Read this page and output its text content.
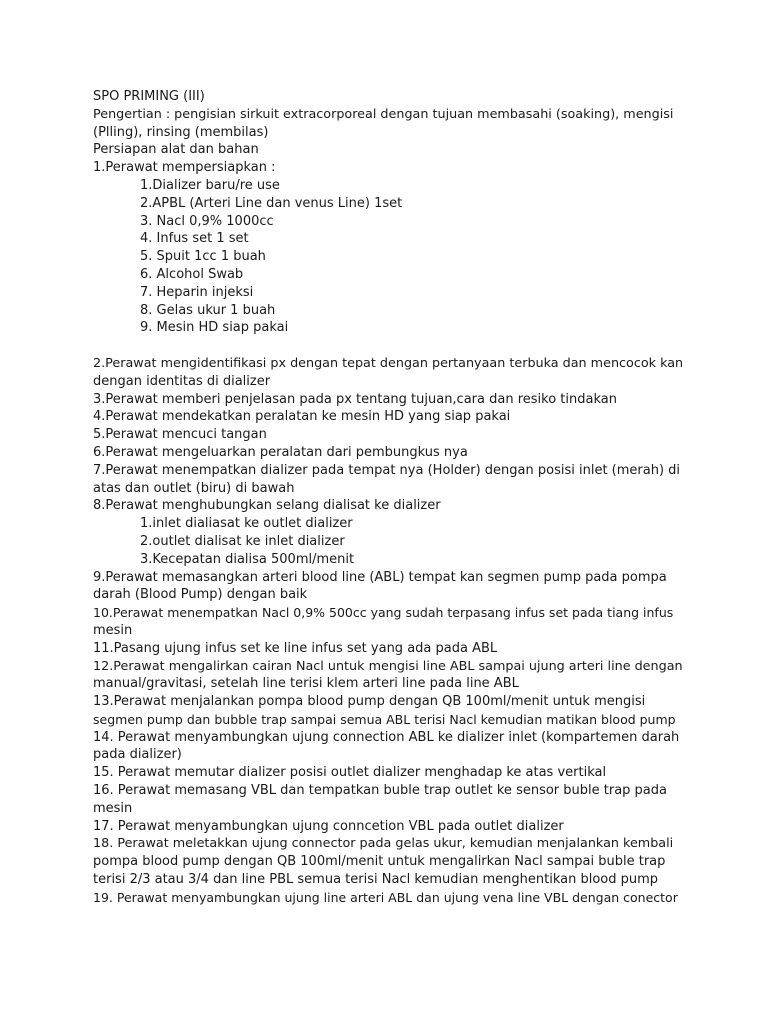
SPO PRIMING (III)
Pengertian : pengisian sirkuit extracorporeal dengan tujuan membasahi (soaking), mengisi
(Plling), rinsing (membilas)
Persiapan alat dan bahan
1.Perawat mempersiapkan :
1.Dializer baru/re use
2.APBL (Arteri Line dan venus Line) 1set
3. Nacl 0,9% 1000cc
4. Infus set 1 set
5. Spuit 1cc 1 buah
6. Alcohol Swab
7. Heparin injeksi
8. Gelas ukur 1 buah
9. Mesin HD siap pakai
2.Perawat mengidentifikasi px dengan tepat dengan pertanyaan terbuka dan mencocok kan
dengan identitas di dializer
3.Perawat memberi penjelasan pada px tentang tujuan,cara dan resiko tindakan
4.Perawat mendekatkan peralatan ke mesin HD yang siap pakai
5.Perawat mencuci tangan
6.Perawat mengeluarkan peralatan dari pembungkus nya
7.Perawat menempatkan dializer pada tempat nya (Holder) dengan posisi inlet (merah) di
atas dan outlet (biru) di bawah
8.Perawat menghubungkan selang dialisat ke dializer
1.inlet dialiasat ke outlet dializer
2.outlet dialisat ke inlet dializer
3.Kecepatan dialisa 500ml/menit
9.Perawat memasangkan arteri blood line (ABL) tempat kan segmen pump pada pompa
darah (Blood Pump) dengan baik
10.Perawat menempatkan Nacl 0,9% 500cc yang sudah terpasang infus set pada tiang infus
mesin
11.Pasang ujung infus set ke line infus set yang ada pada ABL
12.Perawat mengalirkan cairan Nacl untuk mengisi line ABL sampai ujung arteri line dengan
manual/gravitasi, setelah line terisi klem arteri line pada line ABL
13.Perawat menjalankan pompa blood pump dengan QB 100ml/menit untuk mengisi
segmen pump dan bubble trap sampai semua ABL terisi Nacl kemudian matikan blood pump
14. Perawat menyambungkan ujung connection ABL ke dializer inlet (kompartemen darah
pada dializer)
15. Perawat memutar dializer posisi outlet dializer menghadap ke atas vertikal
16. Perawat memasang VBL dan tempatkan buble trap outlet ke sensor buble trap pada
mesin
17. Perawat menyambungkan ujung conncetion VBL pada outlet dializer
18. Perawat meletakkan ujung connector pada gelas ukur, kemudian menjalankan kembali
pompa blood pump dengan QB 100ml/menit untuk mengalirkan Nacl sampai buble trap
terisi 2/3 atau 3/4 dan line PBL semua terisi Nacl kemudian menghentikan blood pump
19. Perawat menyambungkan ujung line arteri ABL dan ujung vena line VBL dengan conector
